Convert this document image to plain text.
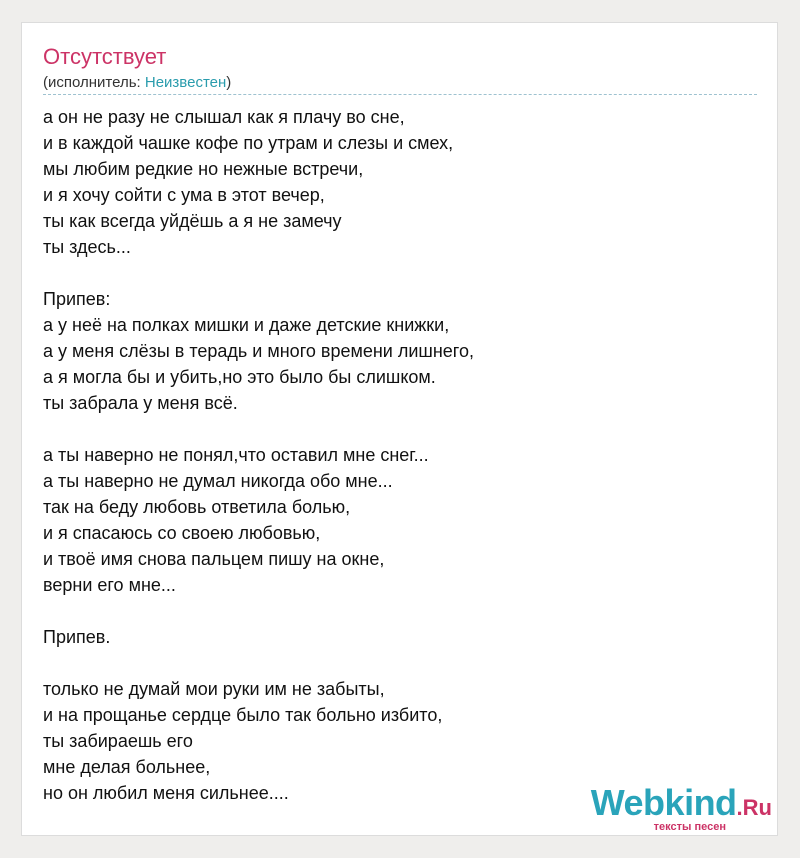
Отсутствует
(исполнитель: Неизвестен)
а он не разу не слышал как я плачу во сне,
и в каждой чашке кофе по утрам и слезы и смех,
мы любим редкие но нежные встречи,
и я хочу сойти с ума в этот вечер,
ты как всегда уйдёшь а я не замечу
ты здесь...
Припев:
а у неё на полках мишки и даже детские книжки,
а у меня слёзы в терадь и много времени лишнего,
а я могла бы и убить,но это было бы слишком.
ты забрала у меня всё.
а ты наверно не понял,что оставил мне снег...
а ты наверно не думал никогда обо мне...
так на беду любовь ответила болью,
и я спасаюсь со своею любовью,
и твоё имя снова пальцем пишу на окне,
верни его мне...
Припев.
только не думай мои руки им не забыты,
и на прощанье сердце было так больно избито,
ты забираешь его
мне делая больнее,
но он любил меня сильнее....	Webkind.Ru
тексты песен
